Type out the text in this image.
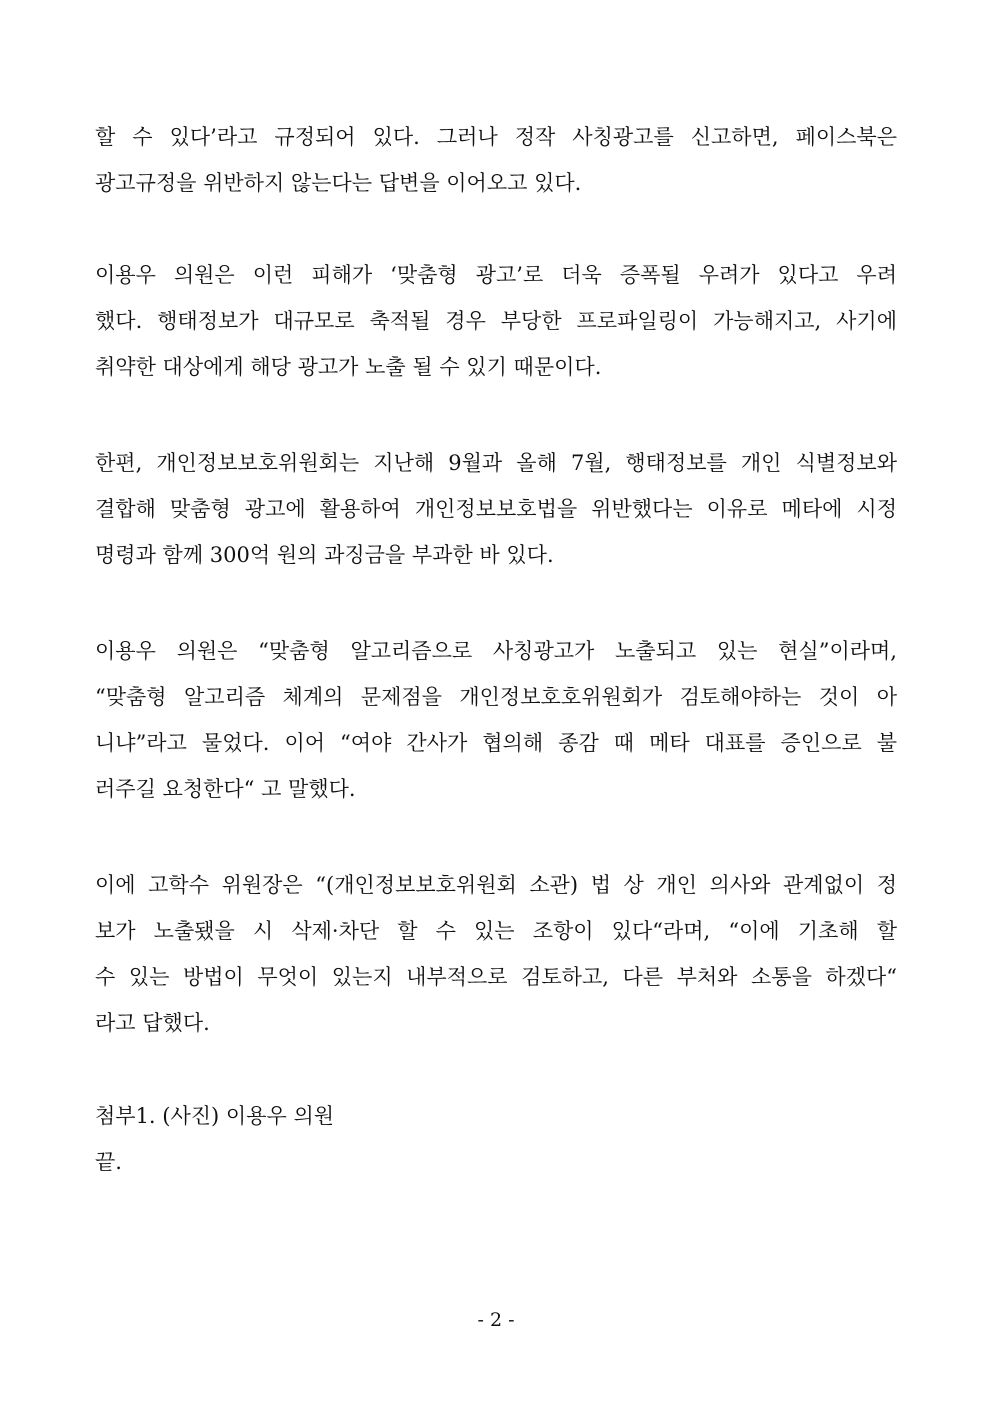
할 수 있다’라고 규정되어 있다. 그러나 정작 사칭광고를 신고하면, 페이스북은
광고규정을 위반하지 않는다는 답변을 이어오고 있다.
이용우 의원은 이런 피해가 ‘맞춤형 광고’로 더욱 증폭될 우려가 있다고 우려
했다. 행태정보가 대규모로 축적될 경우 부당한 프로파일링이 가능해지고, 사기에
취약한 대상에게 해당 광고가 노출 될 수 있기 때문이다.
한편, 개인정보보호위원회는 지난해 9월과 올해 7월, 행태정보를 개인 식별정보와
결합해 맞춤형 광고에 활용하여 개인정보보호법을 위반했다는 이유로 메타에 시정
명령과 함께 300억 원의 과징금을 부과한 바 있다.
이용우 의원은 “맞춤형 알고리즘으로 사칭광고가 노출되고 있는 현실”이라며,
“맞춤형 알고리즘 체계의 문제점을 개인정보호호위원회가 검토해야하는 것이 아
니냐”라고 물었다. 이어 “여야 간사가 협의해 종감 때 메타 대표를 증인으로 불
러주길 요청한다“ 고 말했다.
이에 고학수 위원장은 “(개인정보보호위원회 소관) 법 상 개인 의사와 관계없이 정
보가 노출됐을 시 삭제·차단 할 수 있는 조항이 있다“라며, “이에 기초해 할
수 있는 방법이 무엇이 있는지 내부적으로 검토하고, 다른 부처와 소통을 하겠다“
라고 답했다.
첨부1. (사진) 이용우 의원
끝.
- 2 -
